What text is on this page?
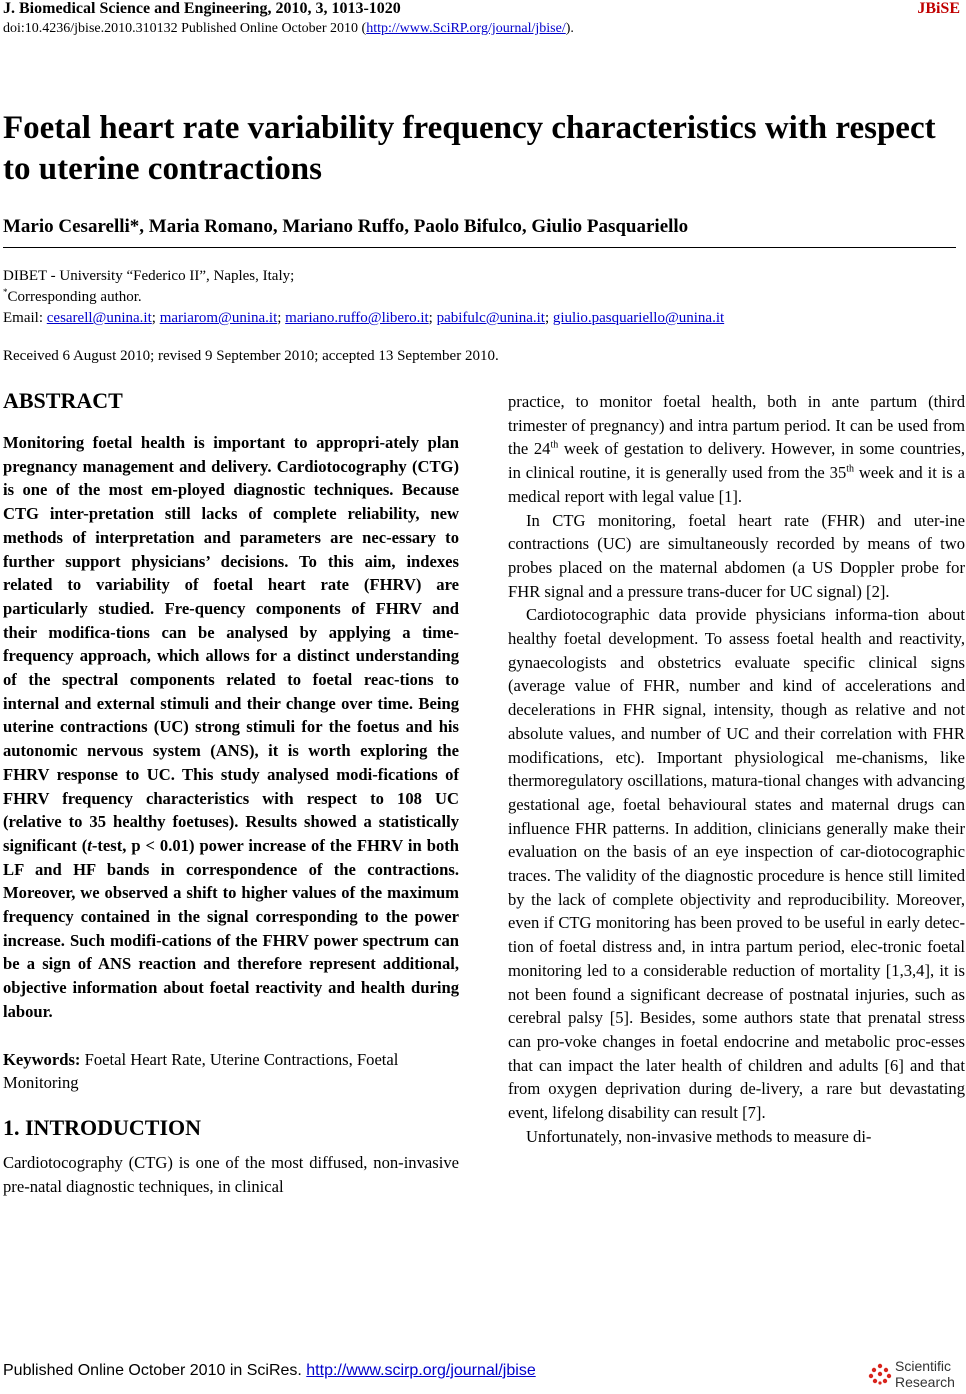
J. Biomedical Science and Engineering, 2010, 3, 1013-1020	JBiSE
doi:10.4236/jbise.2010.310132 Published Online October 2010 (http://www.SciRP.org/journal/jbise/).
Foetal heart rate variability frequency characteristics with respect to uterine contractions
Mario Cesarelli*, Maria Romano, Mariano Ruffo, Paolo Bifulco, Giulio Pasquariello
DIBET - University “Federico II”, Naples, Italy;
*Corresponding author.
Email: cesarell@unina.it; mariarom@unina.it; mariano.ruffo@libero.it; pabifulc@unina.it; giulio.pasquariello@unina.it
Received 6 August 2010; revised 9 September 2010; accepted 13 September 2010.
ABSTRACT

Monitoring foetal health is important to appropri-ately plan pregnancy management and delivery. Cardiotocography (CTG) is one of the most em-ployed diagnostic techniques. Because CTG inter-pretation still lacks of complete reliability, new methods of interpretation and parameters are nec-essary to further support physicians’ decisions. To this aim, indexes related to variability of foetal heart rate (FHRV) are particularly studied. Fre-quency components of FHRV and their modifica-tions can be analysed by applying a time-frequency approach, which allows for a distinct understanding of the spectral components related to foetal reac-tions to internal and external stimuli and their change over time. Being uterine contractions (UC) strong stimuli for the foetus and his autonomic nervous system (ANS), it is worth exploring the FHRV response to UC. This study analysed modi-fications of FHRV frequency characteristics with respect to 108 UC (relative to 35 healthy foetuses). Results showed a statistically significant (t-test, p < 0.01) power increase of the FHRV in both LF and HF bands in correspondence of the contractions. Moreover, we observed a shift to higher values of the maximum frequency contained in the signal corresponding to the power increase. Such modifi-cations of the FHRV power spectrum can be a sign of ANS reaction and therefore represent additional, objective information about foetal reactivity and health during labour.

Keywords: Foetal Heart Rate, Uterine Contractions, Foetal Monitoring

1. INTRODUCTION

Cardiotocography (CTG) is one of the most diffused, non-invasive pre-natal diagnostic techniques, in clinical

practice, to monitor foetal health, both in ante partum (third trimester of pregnancy) and intra partum period. It can be used from the 24th week of gestation to delivery. However, in some countries, in clinical routine, it is generally used from the 35th week and it is a medical report with legal value [1].

In CTG monitoring, foetal heart rate (FHR) and uter-ine contractions (UC) are simultaneously recorded by means of two probes placed on the maternal abdomen (a US Doppler probe for FHR signal and a pressure trans-ducer for UC signal) [2].

Cardiotocographic data provide physicians informa-tion about healthy foetal development. To assess foetal health and reactivity, gynaecologists and obstetrics evaluate specific clinical signs (average value of FHR, number and kind of accelerations and decelerations in FHR signal, intensity, though as relative and not absolute values, and number of UC and their correlation with FHR modifications, etc). Important physiological me-chanisms, like thermoregulatory oscillations, matura-tional changes with advancing gestational age, foetal behavioural states and maternal drugs can influence FHR patterns. In addition, clinicians generally make their evaluation on the basis of an eye inspection of car-diotocographic traces. The validity of the diagnostic procedure is hence still limited by the lack of complete objectivity and reproducibility. Moreover, even if CTG monitoring has been proved to be useful in early detec-tion of foetal distress and, in intra partum period, elec-tronic foetal monitoring led to a considerable reduction of mortality [1,3,4], it is not been found a significant decrease of postnatal injuries, such as cerebral palsy [5]. Besides, some authors state that prenatal stress can pro-voke changes in foetal endocrine and metabolic proc-esses that can impact the later health of children and adults [6] and that from oxygen deprivation during de-livery, a rare but devastating event, lifelong disability can result [7].

Unfortunately, non-invasive methods to measure di-

Published Online October 2010 in SciRes. http://www.scirp.org/journal/jbise	Scientific
Research
